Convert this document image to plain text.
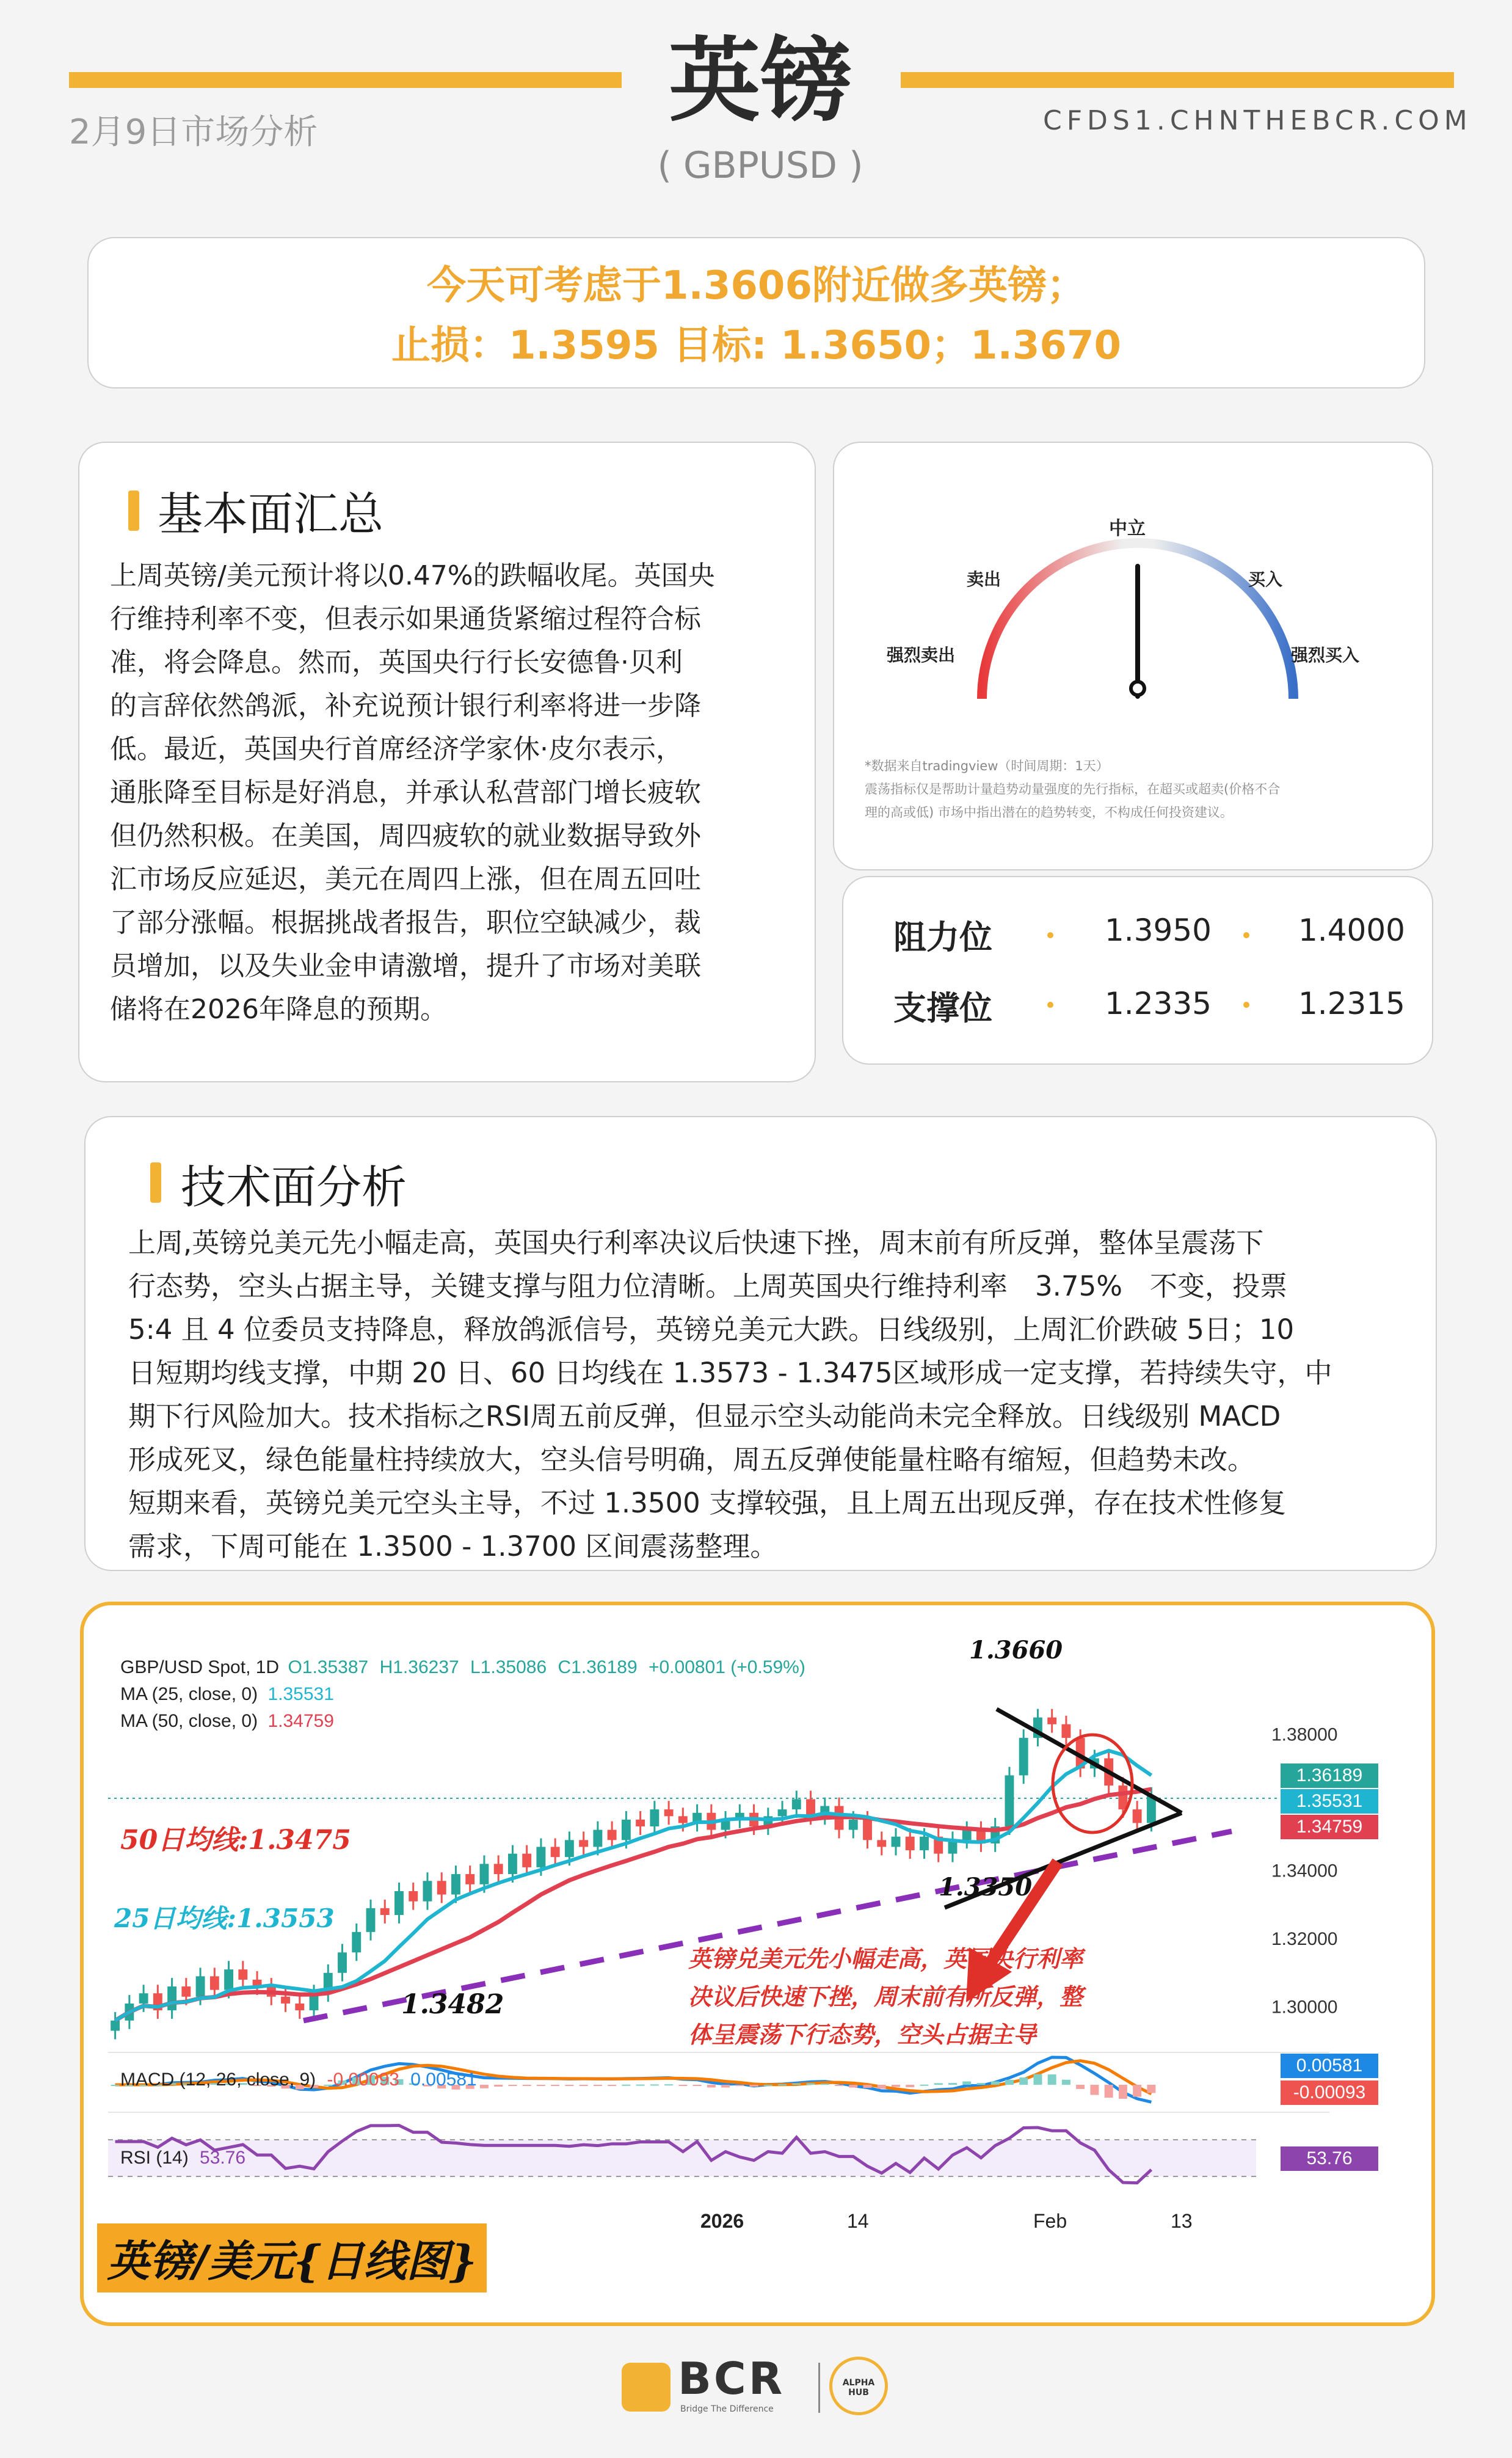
英镑
( GBPUSD )
2月9日市场分析	CFDS1.CHNTHEBCR.COM
今天可考虑于1.3606附近做多英镑；
止损：1.3595 目标: 1.3650；1.3670
基本面汇总
上周英镑/美元预计将以0.47%的跌幅收尾。英国央
行维持利率不变，但表示如果通货紧缩过程符合标
准，将会降息。然而，英国央行行长安德鲁·贝利
的言辞依然鸽派，补充说预计银行利率将进一步降
低。最近，英国央行首席经济学家休·皮尔表示，
通胀降至目标是好消息，并承认私营部门增长疲软
但仍然积极。在美国，周四疲软的就业数据导致外
汇市场反应延迟，美元在周四上涨，但在周五回吐
了部分涨幅。根据挑战者报告，职位空缺减少，裁
员增加，以及失业金申请激增，提升了市场对美联
储将在2026年降息的预期。
中立
卖出	买入
强烈卖出	强烈买入
*数据来自tradingview（时间周期：1天）
震荡指标仅是帮助计量趋势动量强度的先行指标，在超买或超卖(价格不合
理的高或低) 市场中指出潜在的趋势转变，不构成任何投资建议。
阻力位	1.3950	1.4000
支撑位	1.2335	1.2315
技术面分析
上周,英镑兑美元先小幅走高，英国央行利率决议后快速下挫，周末前有所反弹，整体呈震荡下
行态势，空头占据主导，关键支撑与阻力位清晰。上周英国央行维持利率　3.75%　不变，投票
5:4 且 4 位委员支持降息，释放鸽派信号，英镑兑美元大跌。日线级别，上周汇价跌破 5日；10
日短期均线支撑，中期 20 日、60 日均线在 1.3573 - 1.3475区域形成一定支撑，若持续失守，中
期下行风险加大。技术指标之RSI周五前反弹，但显示空头动能尚未完全释放。日线级别 MACD
形成死叉，绿色能量柱持续放大，空头信号明确，周五反弹使能量柱略有缩短，但趋势未改。
短期来看，英镑兑美元空头主导，不过 1.3500 支撑较强，且上周五出现反弹，存在技术性修复
需求，下周可能在 1.3500 - 1.3700 区间震荡整理。
1.38000
1.34000
1.32000
1.30000
GBP/USD Spot, 1D O1.35387 H1.36237 L1.35086 C1.36189 +0.00801 (+0.59%)
MA (25, close, 0) 1.35531
MA (50, close, 0) 1.34759
1.36189
1.35531
1.34759
0.00581
-0.00093
53.76
MACD (12, 26, close, 9) -0.00093 0.00581
RSI (14) 53.76
2026	14	Feb	13
1.3660
1.3350
1.3482
50日均线:1.3475
25日均线:1.3553
英镑兑美元先小幅走高，英国央行利率
决议后快速下挫，周末前有所反弹，整
体呈震荡下行态势，空头占据主导
英镑/美元{日线图}
BCR
Bridge The Difference
ALPHA HUB
